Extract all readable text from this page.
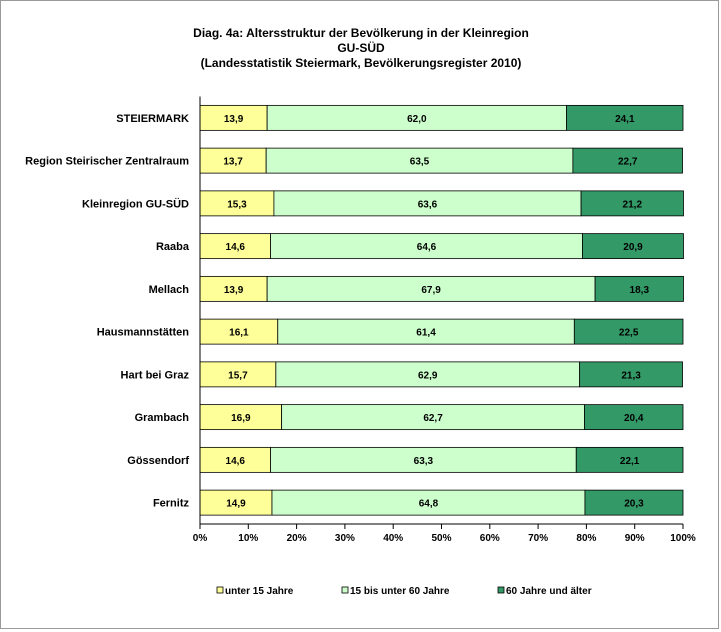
Diag. 4a: Altersstruktur der Bevölkerung in der Kleinregion
GU-SÜD
(Landesstatistik Steiermark, Bevölkerungsregister 2010)
STEIERMARK	13,9	62,0	24,1
Region Steirischer Zentralraum	13,7	63,5	22,7
Kleinregion GU-SÜD	15,3	63,6	21,2
Raaba	14,6	64,6	20,9
Mellach	13,9	67,9	18,3
Hausmannstätten	16,1	61,4	22,5
Hart bei Graz	15,7	62,9	21,3
Grambach	16,9	62,7	20,4
Gössendorf	14,6	63,3	22,1
Fernitz	14,9	64,8	20,3
0%	10%	20%	30%	40%	50%	60%	70%	80%	90%	100%
unter 15 Jahre	15 bis unter 60 Jahre	60 Jahre und älter
